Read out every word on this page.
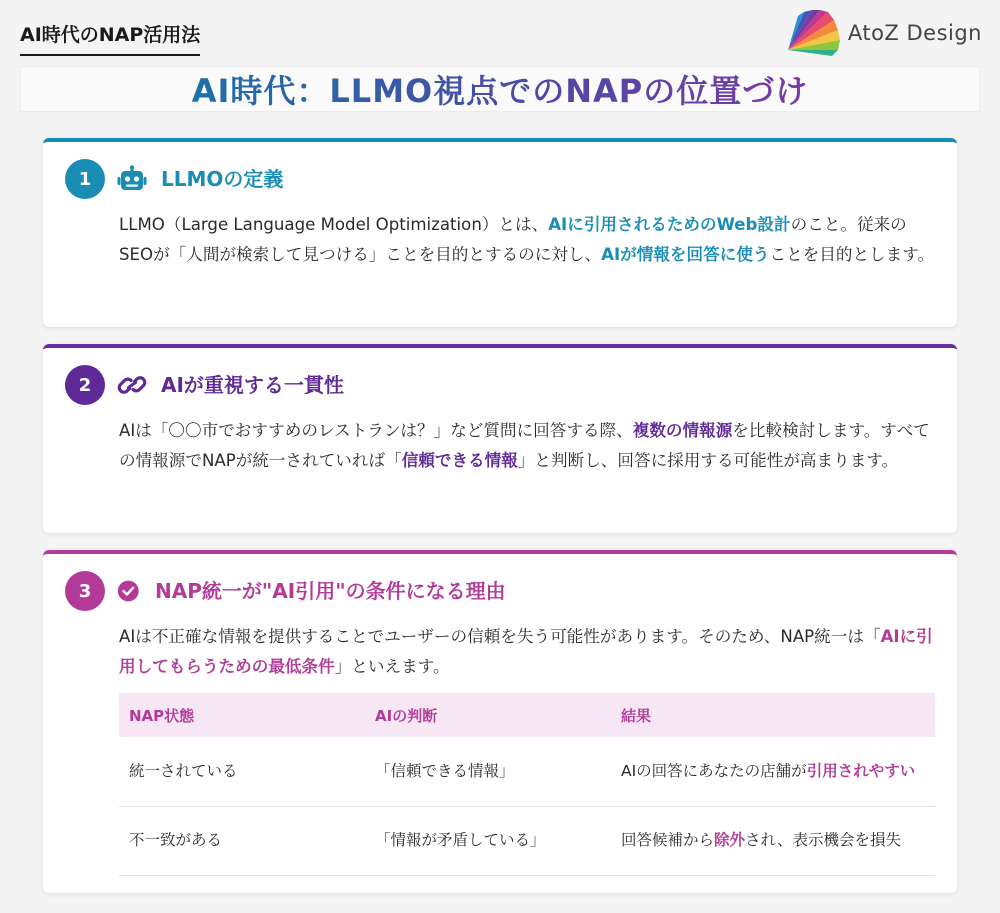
AI時代のNAP活用法	AtoZ Design
AI時代：LLMO視点でのNAPの位置づけ
1	LLMOの定義

LLMO（Large Language Model Optimization）とは、AIに引用されるためのWeb設計のこと。従来のSEOが「人間が検索して見つける」ことを目的とするのに対し、AIが情報を回答に使うことを目的とします。

2	AIが重視する一貫性

AIは「〇〇市でおすすめのレストランは？」など質問に回答する際、複数の情報源を比較検討します。すべての情報源でNAPが統一されていれば「信頼できる情報」と判断し、回答に採用する可能性が高まります。

3	NAP統一が"AI引用"の条件になる理由

AIは不正確な情報を提供することでユーザーの信頼を失う可能性があります。そのため、NAP統一は「AIに引用してもらうための最低条件」といえます。

NAP状態	AIの判断	結果
統一されている	「信頼できる情報」	AIの回答にあなたの店舗が引用されやすい
不一致がある	「情報が矛盾している」	回答候補から除外され、表示機会を損失
